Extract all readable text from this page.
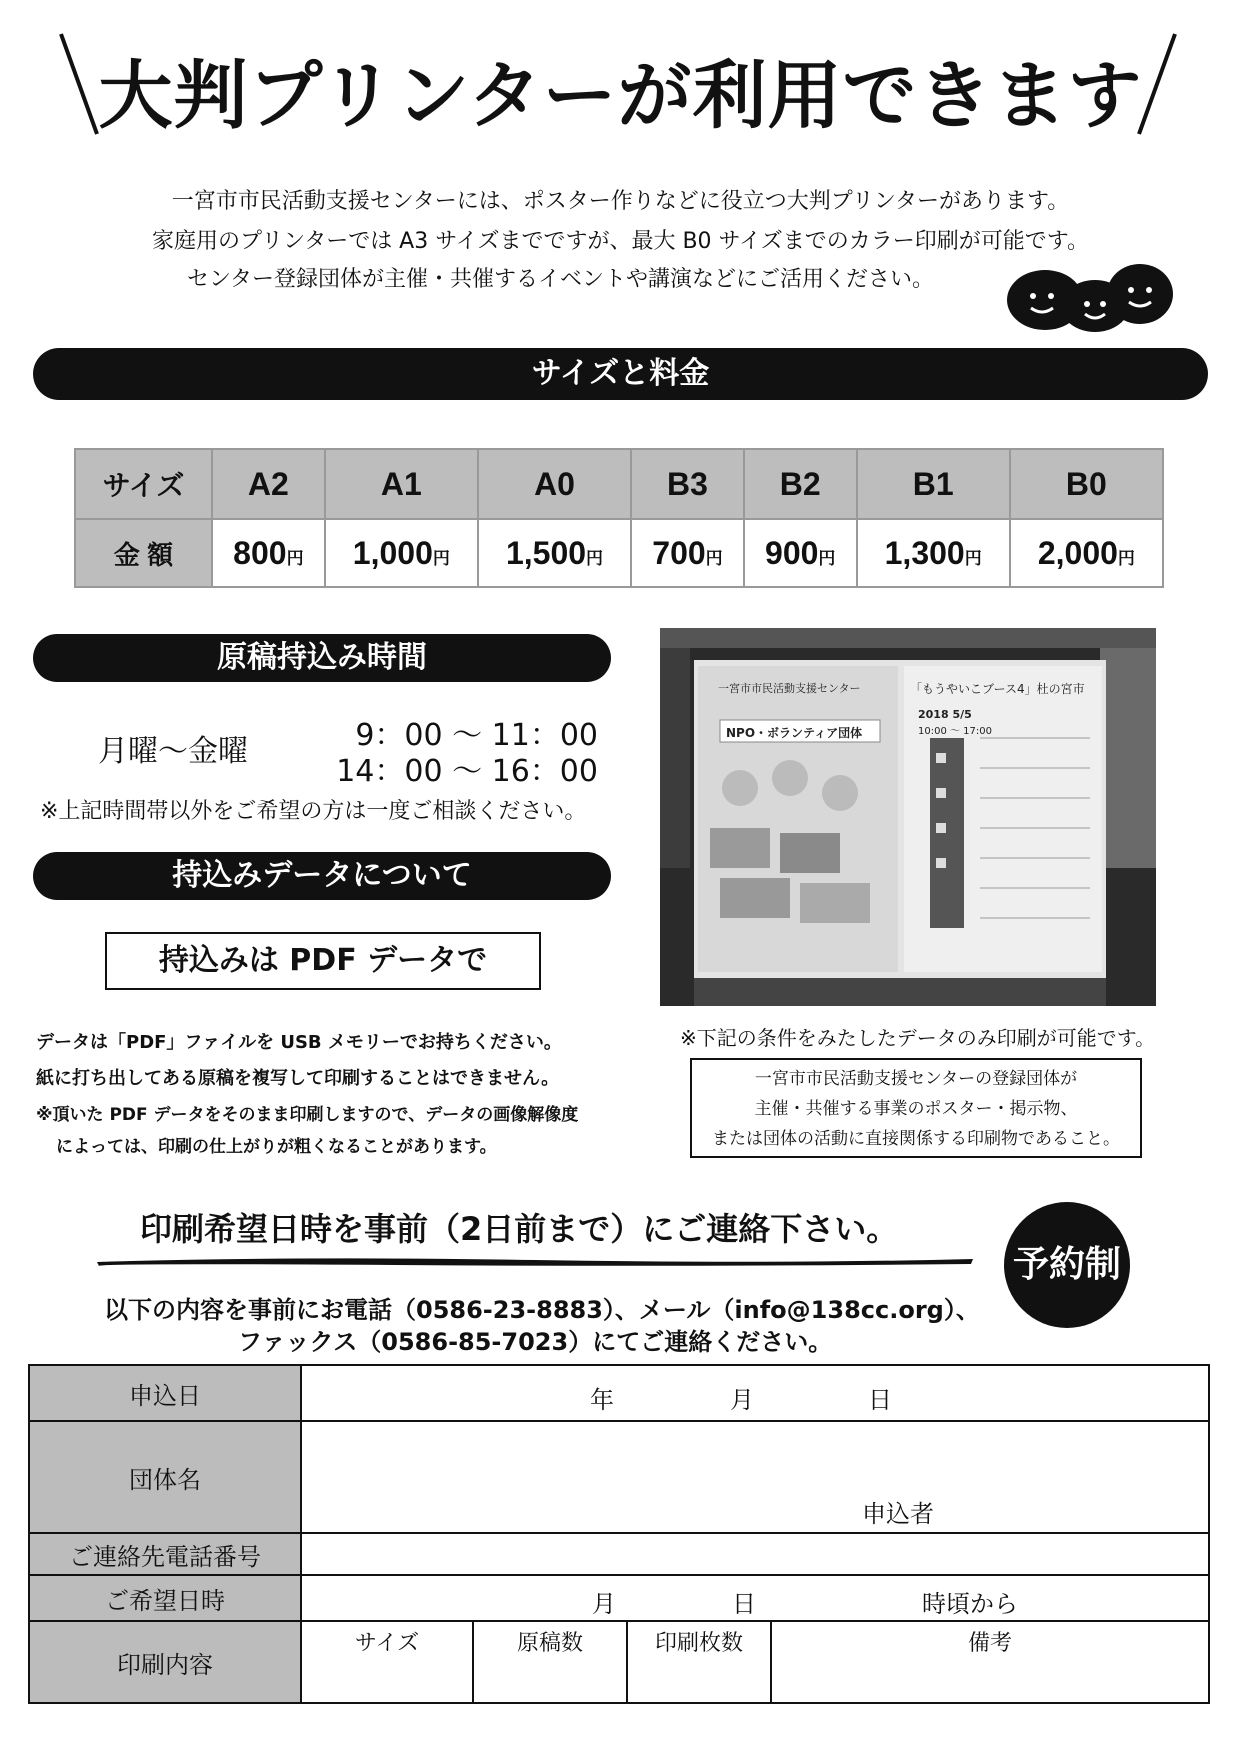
大判プリンターが利用できます
一宮市市民活動支援センターには、ポスター作りなどに役立つ大判プリンターがあります。
家庭用のプリンターでは A3 サイズまでですが、最大 B0 サイズまでのカラー印刷が可能です。
センター登録団体が主催・共催するイベントや講演などにご活用ください。
サイズと料金
サイズ	A2	A1	A0	B3	B2	B1	B0
金 額	800円	1,000円	1,500円	700円	900円	1,300円	2,000円
原稿持込み時間
月曜～金曜	9：00 ～ 11：00
14：00 ～ 16：00
※上記時間帯以外をご希望の方は一度ご相談ください。
持込みデータについて
持込みは PDF データで
データは「PDF」ファイルを USB メモリーでお持ちください。
紙に打ち出してある原稿を複写して印刷することはできません。
※頂いた PDF データをそのまま印刷しますので、データの画像解像度
によっては、印刷の仕上がりが粗くなることがあります。
一宮市市民活動支援センター
NPO・ボランティア団体
「もうやいこブース4」杜の宮市
2018 5/5
10:00 ～ 17:00
※下記の条件をみたしたデータのみ印刷が可能です。
一宮市市民活動支援センターの登録団体が
主催・共催する事業のポスター・掲示物、
または団体の活動に直接関係する印刷物であること。
印刷希望日時を事前（2日前まで）にご連絡下さい。
予約制
以下の内容を事前にお電話（0586-23-8883）、メール（info@138cc.org）、
ファックス（0586-85-7023）にてご連絡ください。
申込日	年	月	日

団体名	
申込者

ご連絡先電話番号	
ご希望日時	月	日	時頃から

印刷内容	
サイズ	原稿数	印刷枚数	備考
